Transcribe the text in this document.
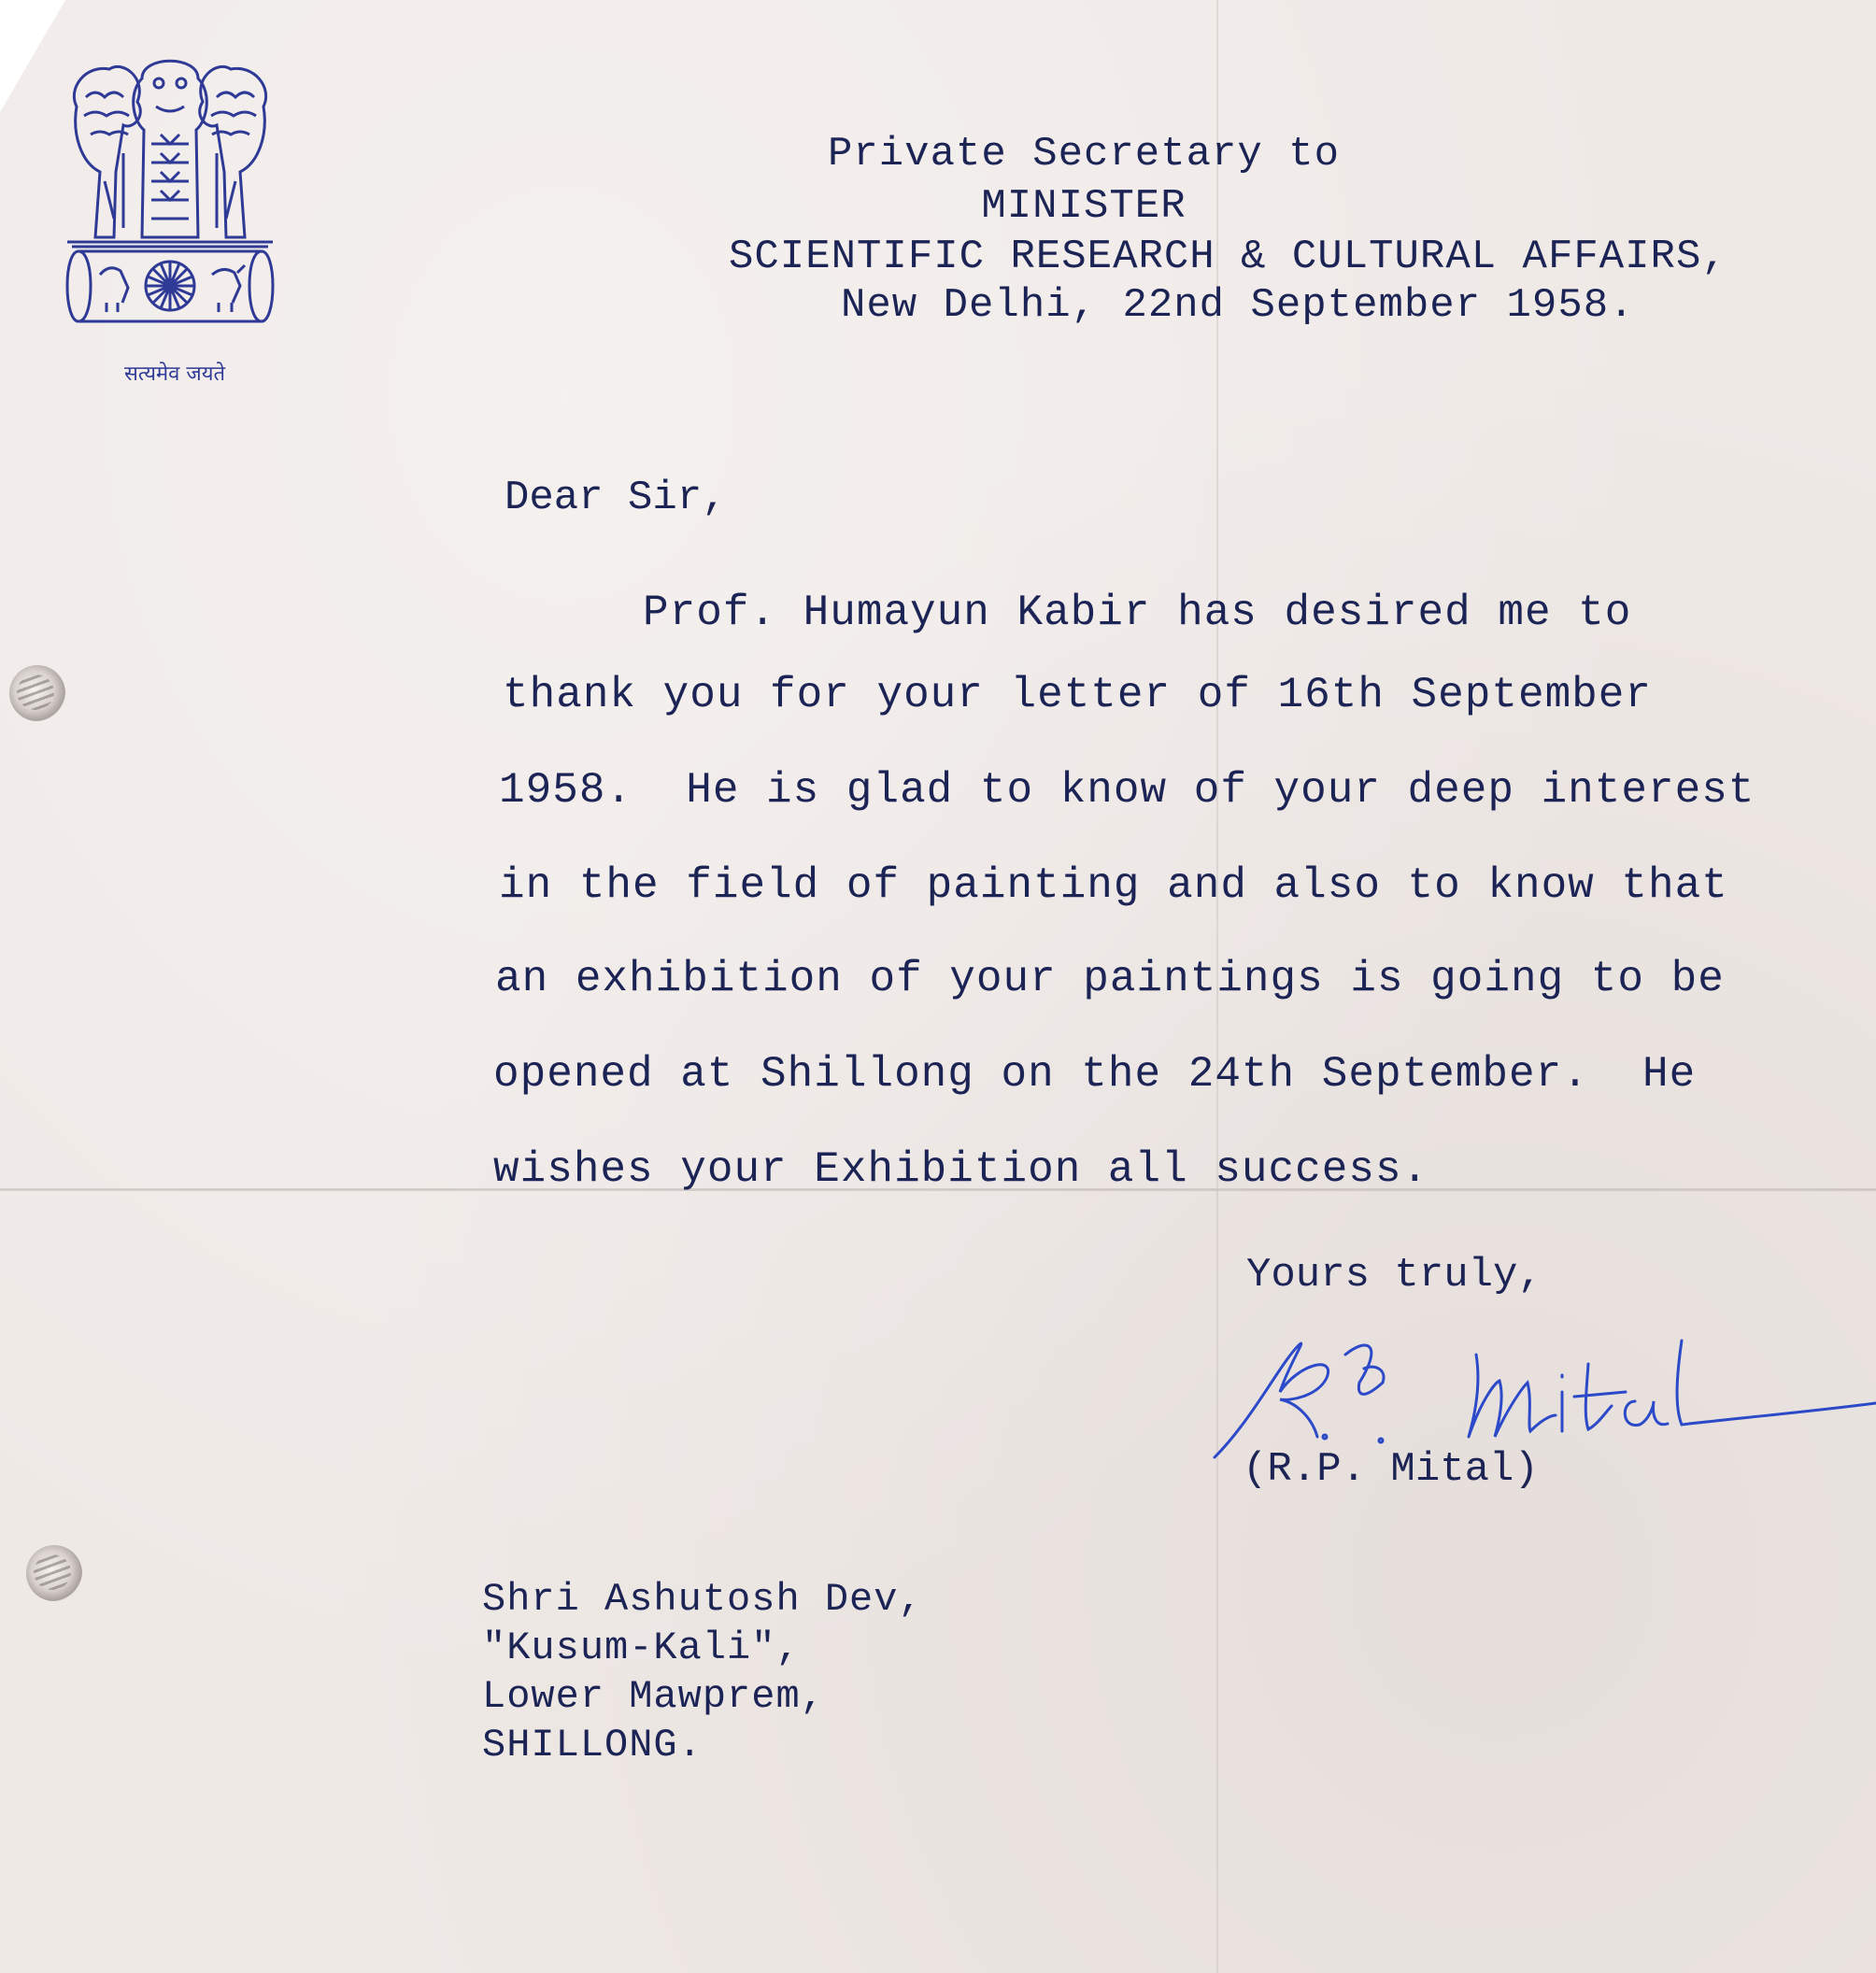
सत्यमेव जयते

Private Secretary to

MINISTER

SCIENTIFIC RESEARCH & CULTURAL AFFAIRS,

New Delhi, 22nd September 1958.

Dear Sir,

Prof. Humayun Kabir has desired me to

thank you for your letter of 16th September

1958.  He is glad to know of your deep interest

in the field of painting and also to know that

an exhibition of your paintings is going to be

opened at Shillong on the 24th September.  He

wishes your Exhibition all success.

Yours truly,

R.P. Mital

(R.P. Mital)

Shri Ashutosh Dev,

"Kusum-Kali",

Lower Mawprem,

SHILLONG.
